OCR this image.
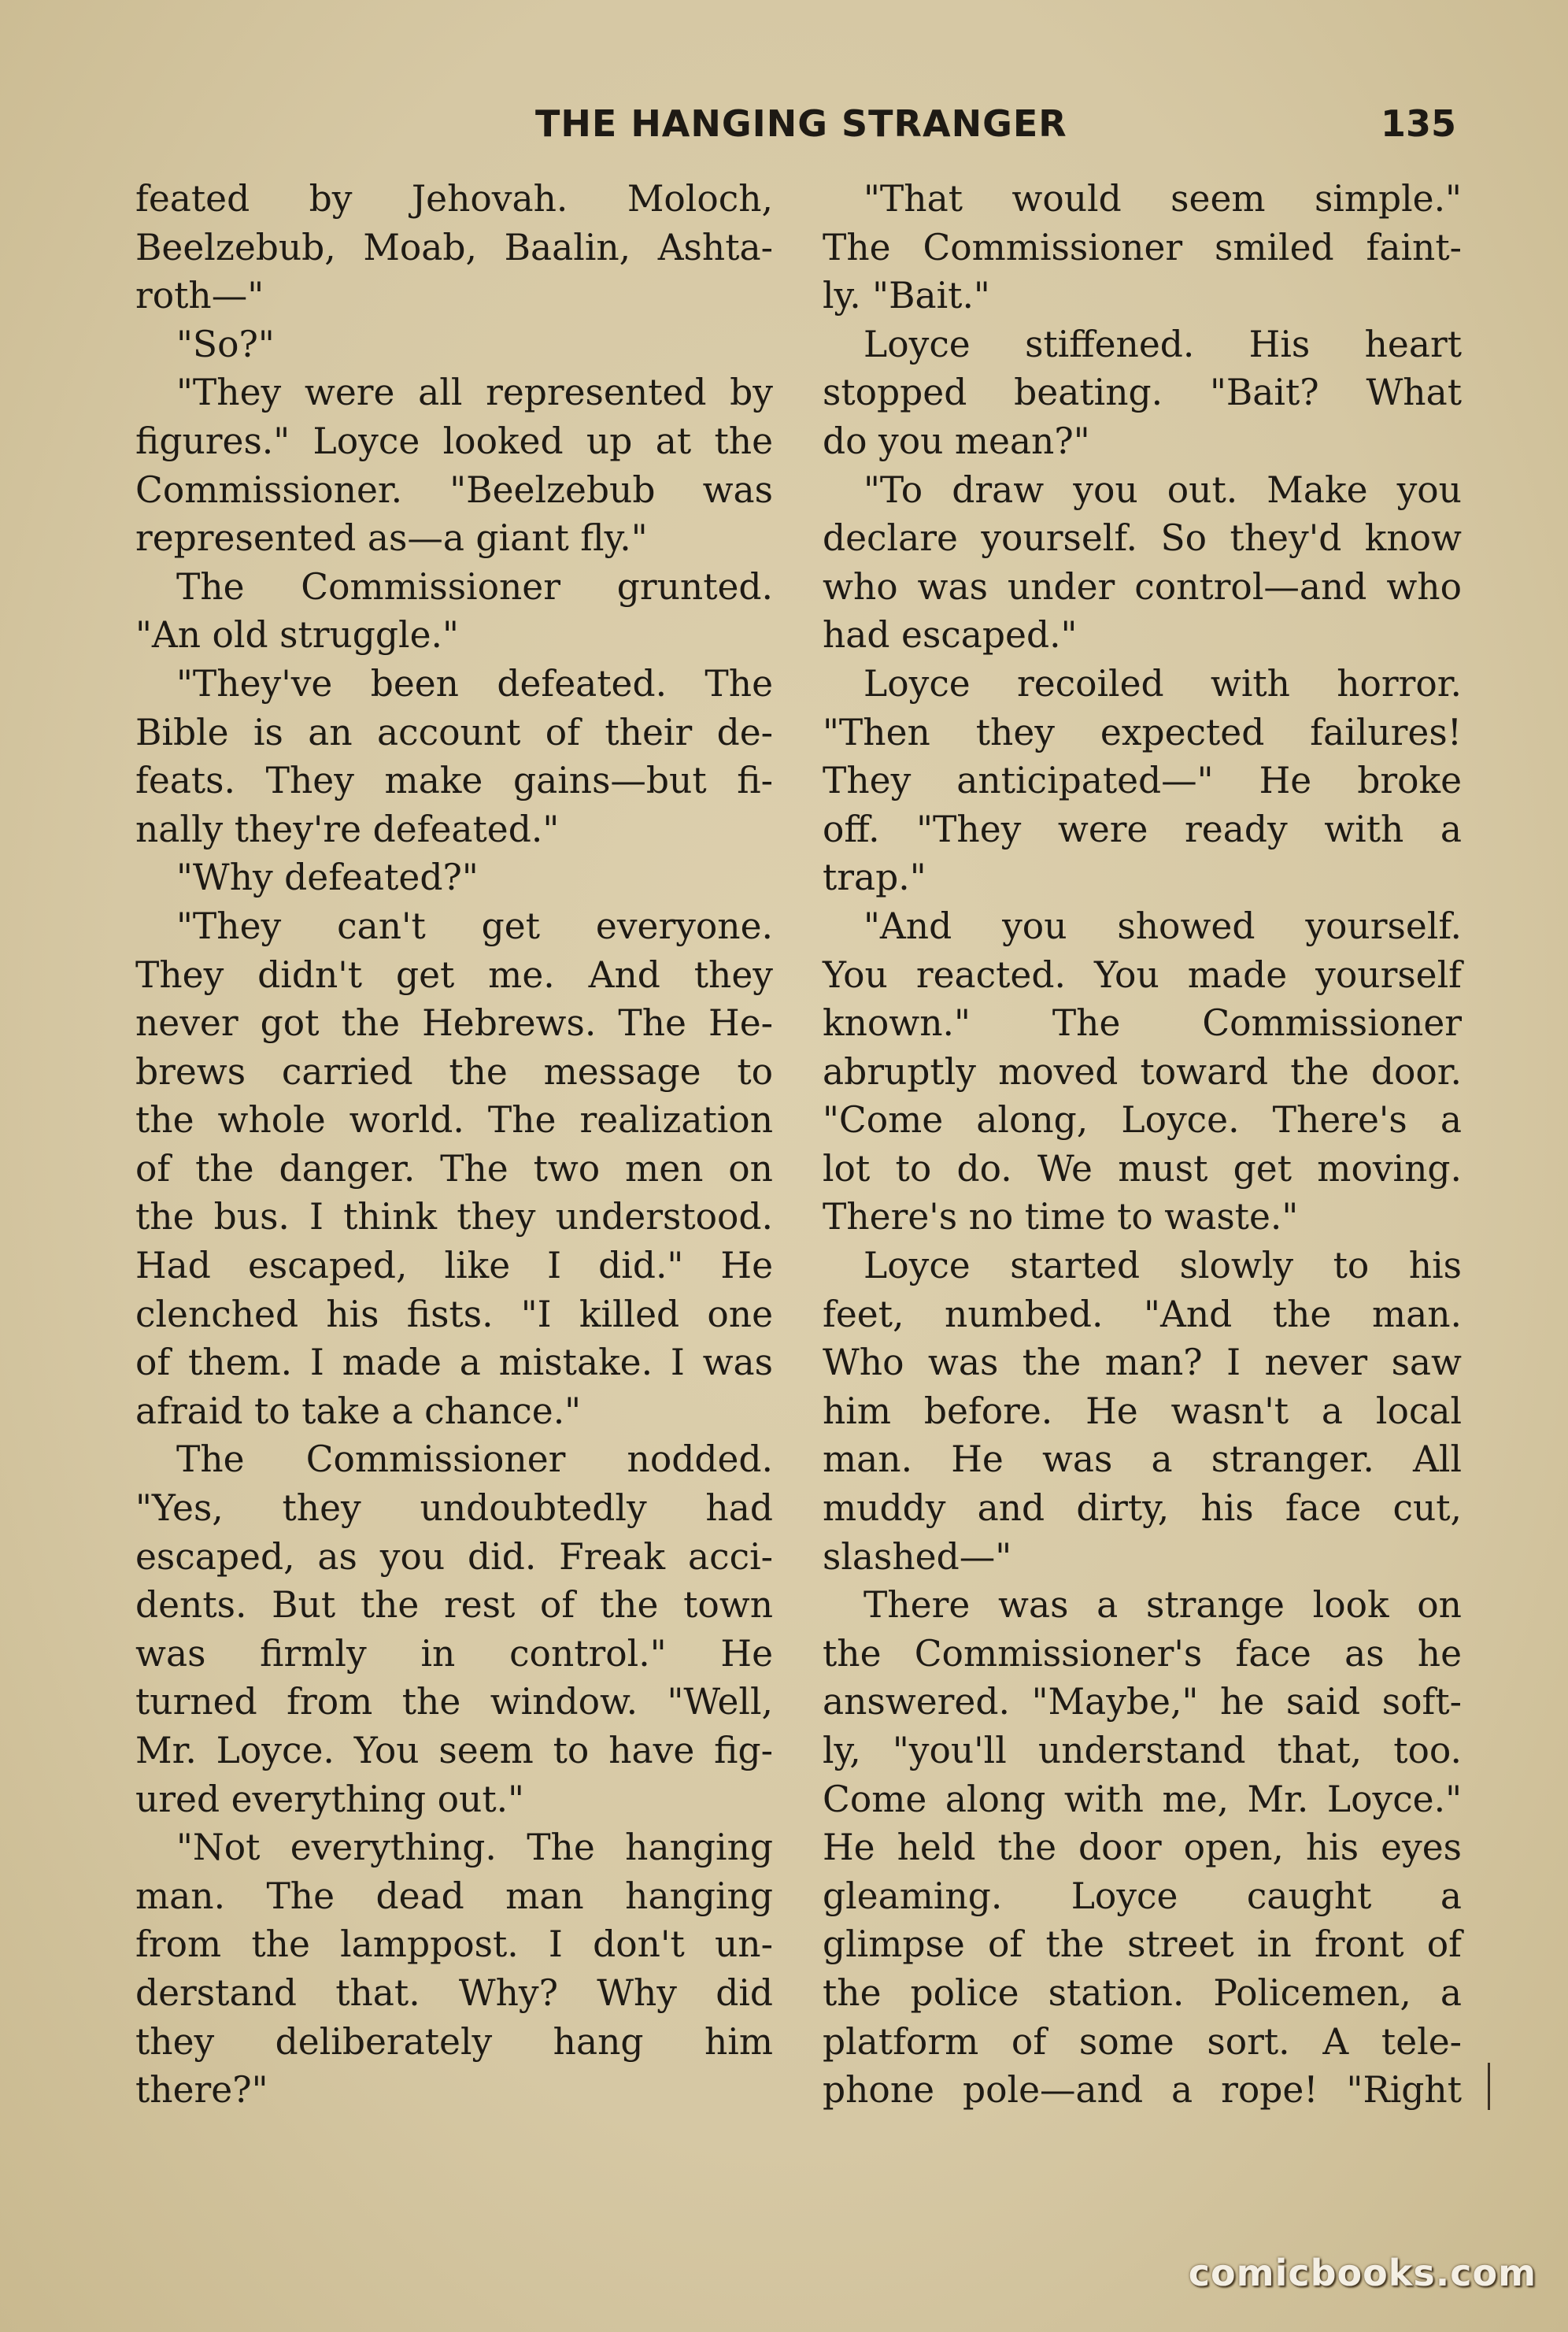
THE HANGING STRANGER	135
feated by Jehovah. Moloch,
Beelzebub, Moab, Baalin, Ashta-
roth—"
"So?"
"They were all represented by
figures." Loyce looked up at the
Commissioner. "Beelzebub was
represented as—a giant fly."
The Commissioner grunted.
"An old struggle."
"They've been defeated. The
Bible is an account of their de-
feats. They make gains—but fi-
nally they're defeated."
"Why defeated?"
"They can't get everyone.
They didn't get me. And they
never got the Hebrews. The He-
brews carried the message to
the whole world. The realization
of the danger. The two men on
the bus. I think they understood.
Had escaped, like I did." He
clenched his fists. "I killed one
of them. I made a mistake. I was
afraid to take a chance."
The Commissioner nodded.
"Yes, they undoubtedly had
escaped, as you did. Freak acci-
dents. But the rest of the town
was firmly in control." He
turned from the window. "Well,
Mr. Loyce. You seem to have fig-
ured everything out."
"Not everything. The hanging
man. The dead man hanging
from the lamppost. I don't un-
derstand that. Why? Why did
they deliberately hang him
there?"
"That would seem simple."
The Commissioner smiled faint-
ly. "Bait."
Loyce stiffened. His heart
stopped beating. "Bait? What
do you mean?"
"To draw you out. Make you
declare yourself. So they'd know
who was under control—and who
had escaped."
Loyce recoiled with horror.
"Then they expected failures!
They anticipated—" He broke
off. "They were ready with a
trap."
"And you showed yourself.
You reacted. You made yourself
known." The Commissioner
abruptly moved toward the door.
"Come along, Loyce. There's a
lot to do. We must get moving.
There's no time to waste."
Loyce started slowly to his
feet, numbed. "And the man.
Who was the man? I never saw
him before. He wasn't a local
man. He was a stranger. All
muddy and dirty, his face cut,
slashed—"
There was a strange look on
the Commissioner's face as he
answered. "Maybe," he said soft-
ly, "you'll understand that, too.
Come along with me, Mr. Loyce."
He held the door open, his eyes
gleaming. Loyce caught a
glimpse of the street in front of
the police station. Policemen, a
platform of some sort. A tele-
phone pole—and a rope! "Right
comicbooks.com
